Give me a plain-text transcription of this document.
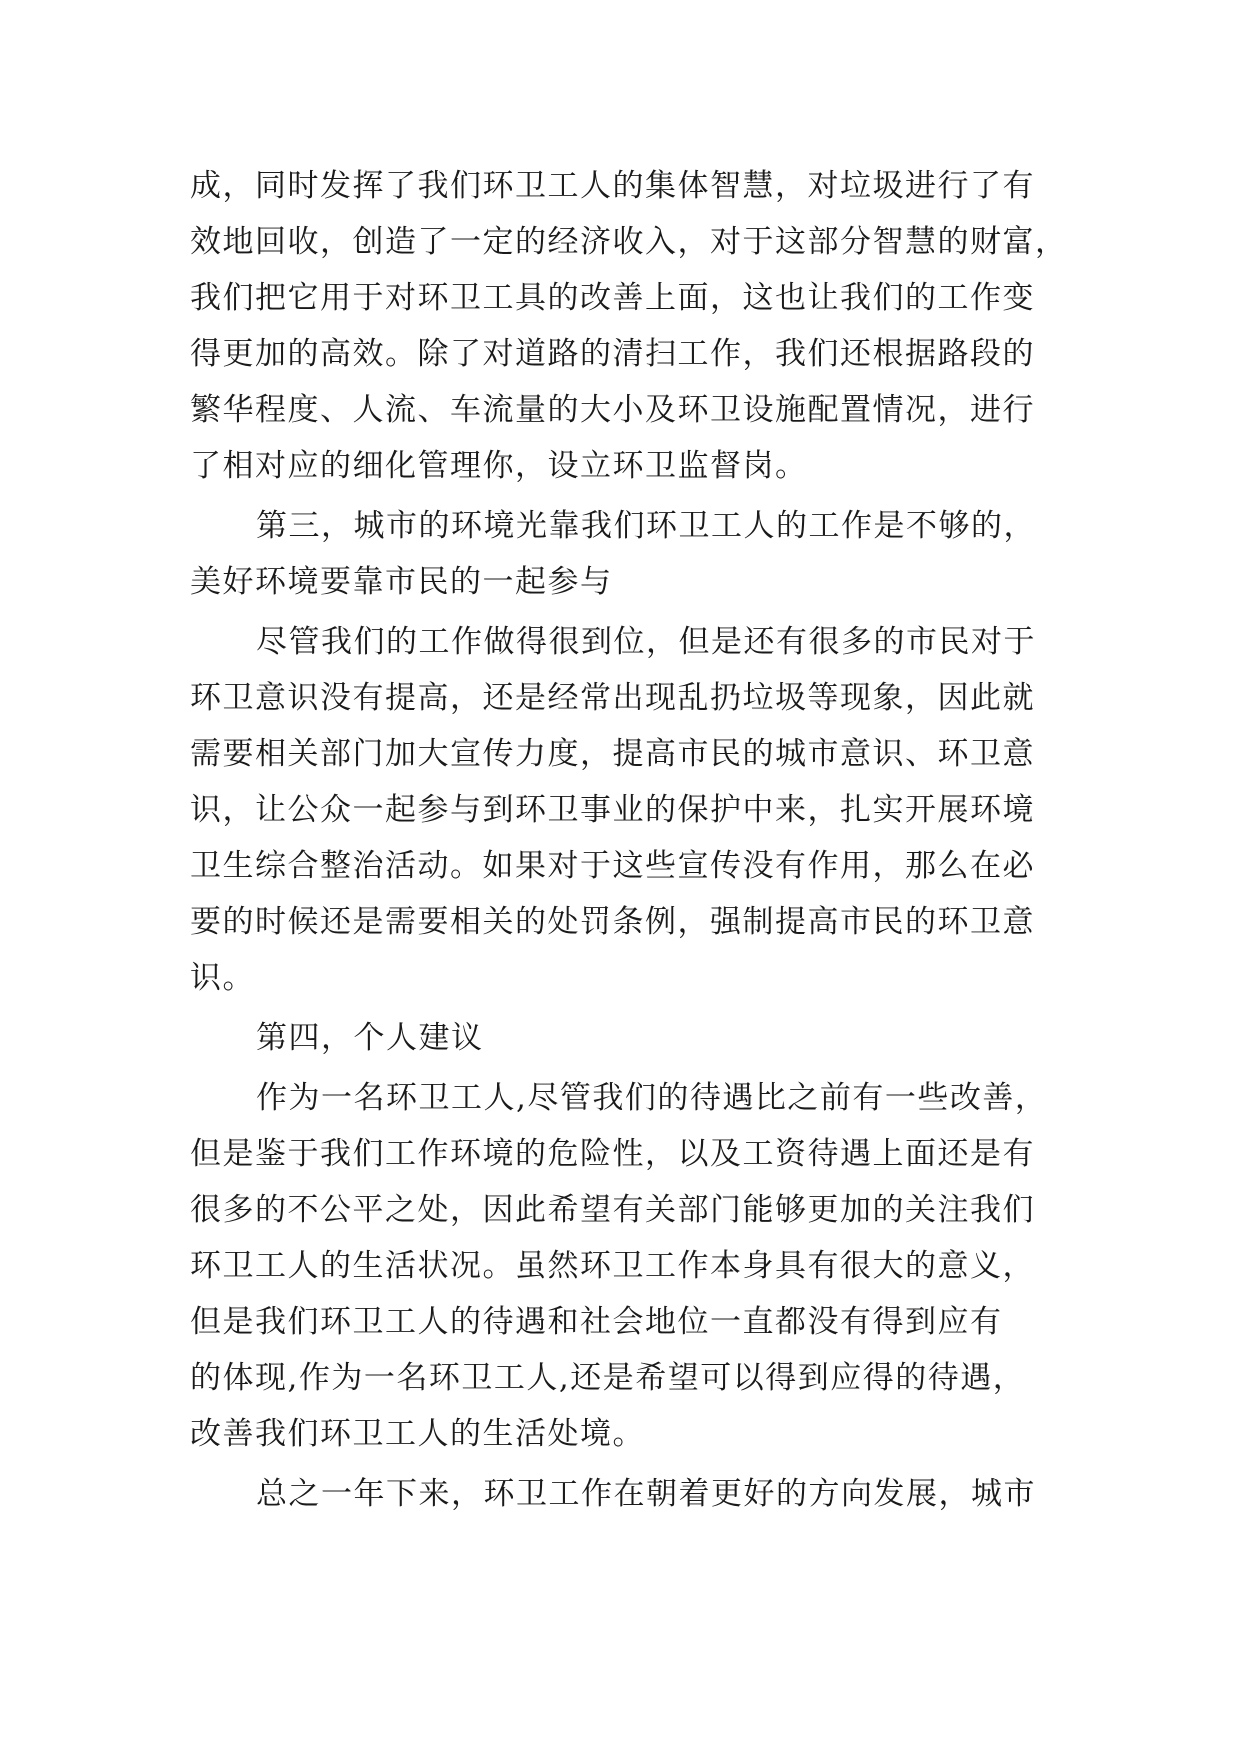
成，同时发挥了我们环卫工人的集体智慧，对垃圾进行了有
效地回收，创造了一定的经济收入，对于这部分智慧的财富，
我们把它用于对环卫工具的改善上面，这也让我们的工作变
得更加的高效。除了对道路的清扫工作，我们还根据路段的
繁华程度、人流、车流量的大小及环卫设施配置情况，进行
了相对应的细化管理你，设立环卫监督岗。
第三，城市的环境光靠我们环卫工人的工作是不够的，
美好环境要靠市民的一起参与
尽管我们的工作做得很到位，但是还有很多的市民对于
环卫意识没有提高，还是经常出现乱扔垃圾等现象，因此就
需要相关部门加大宣传力度，提高市民的城市意识、环卫意
识，让公众一起参与到环卫事业的保护中来，扎实开展环境
卫生综合整治活动。如果对于这些宣传没有作用，那么在必
要的时候还是需要相关的处罚条例，强制提高市民的环卫意
识。
第四，个人建议
作为一名环卫工人,尽管我们的待遇比之前有一些改善，
但是鉴于我们工作环境的危险性，以及工资待遇上面还是有
很多的不公平之处，因此希望有关部门能够更加的关注我们
环卫工人的生活状况。虽然环卫工作本身具有很大的意义，
但是我们环卫工人的待遇和社会地位一直都没有得到应有
的体现,作为一名环卫工人,还是希望可以得到应得的待遇，
改善我们环卫工人的生活处境。
总之一年下来，环卫工作在朝着更好的方向发展，城市
